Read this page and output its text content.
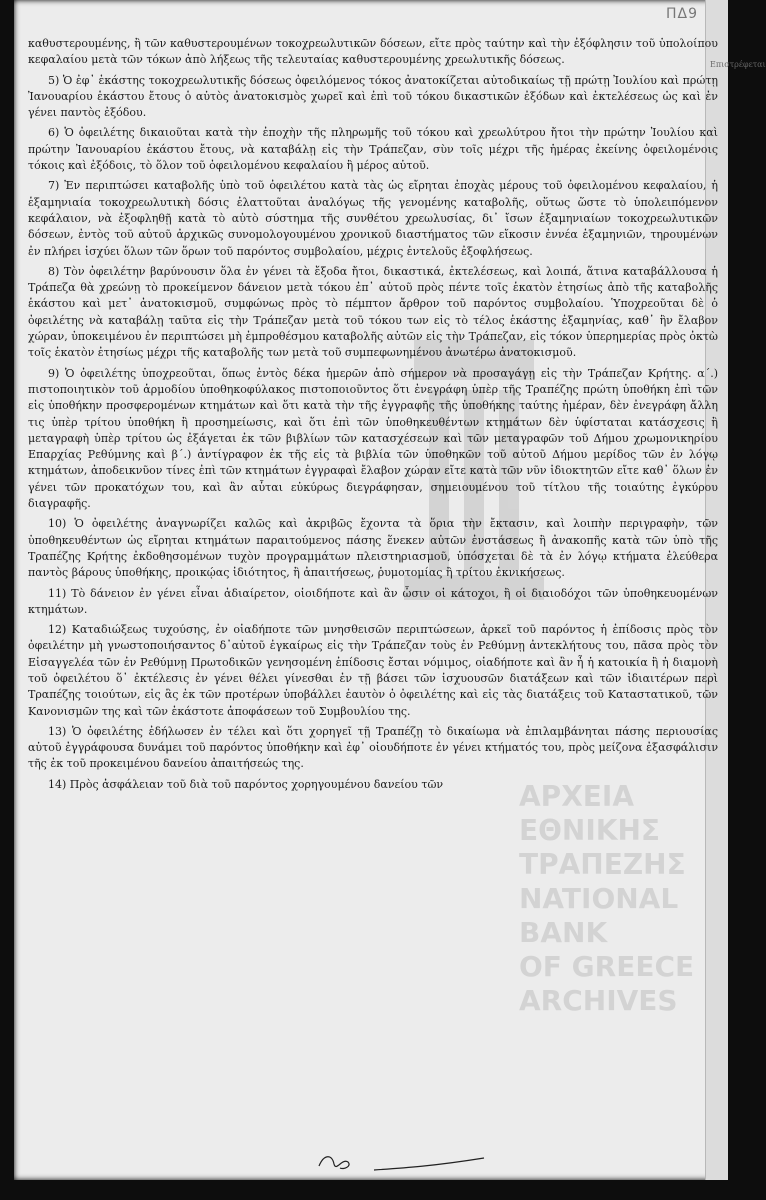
Επιστρέφεται
ΠΔ9
ΑΡΧΕΙΑ
ΕΘΝΙΚΗΣ ΤΡΑΠΕΖΗΣ
NATIONAL BANK
OF GREECE
ARCHIVES

καθυστερουμένης, ἢ τῶν καθυστερουμένων τοκοχρεωλυτικῶν δόσεων, εἴτε πρὸς ταύτην καὶ τὴν ἐξόφλησιν τοῦ ὑπολοίπου κεφαλαίου μετὰ τῶν τόκων ἀπὸ λήξεως τῆς τελευταίας καθυστερουμένης χρεωλυτικῆς δόσεως.

5) Ὁ ἐφ᾽ ἑκάστης τοκοχρεωλυτικῆς δόσεως ὀφειλόμενος τόκος ἀνατοκίζεται αὐτοδικαίως τῇ πρώτῃ Ἰουλίου καὶ πρώτῃ Ἰανουαρίου ἑκάστου ἔτους ὁ αὐτὸς ἀνατοκισμὸς χωρεῖ καὶ ἐπὶ τοῦ τόκου δικαστικῶν ἐξόδων καὶ ἐκτελέσεως ὡς καὶ ἐν γένει παντὸς ἐξόδου.

6) Ὁ ὀφειλέτης δικαιοῦται κατὰ τὴν ἐποχὴν τῆς πληρωμῆς τοῦ τόκου καὶ χρεωλύτρου ἤτοι τὴν πρώτην Ἰουλίου καὶ πρώτην Ἰανουαρίου ἑκάστου ἔτους, νὰ καταβάλῃ εἰς τὴν Τράπεζαν, σὺν τοῖς μέχρι τῆς ἡμέρας ἐκείνης ὀφειλομένοις τόκοις καὶ ἐξόδοις, τὸ ὅλον τοῦ ὀφειλομένου κεφαλαίου ἢ μέρος αὐτοῦ.

7) Ἐν περιπτώσει καταβολῆς ὑπὸ τοῦ ὀφειλέτου κατὰ τὰς ὡς εἴρηται ἐποχὰς μέρους τοῦ ὀφειλομένου κεφαλαίου, ἡ ἑξαμηνιαία τοκοχρεωλυτικὴ δόσις ἐλαττοῦται ἀναλόγως τῆς γενομένης καταβολῆς, οὕτως ὥστε τὸ ὑπολειπόμενον κεφάλαιον, νὰ ἐξοφληθῇ κατὰ τὸ αὐτὸ σύστημα τῆς συνθέτου χρεωλυσίας, δι᾽ ἴσων ἑξαμηνιαίων τοκοχρεωλυτικῶν δόσεων, ἐντὸς τοῦ αὐτοῦ ἀρχικῶς συνομολογουμένου χρονικοῦ διαστήματος τῶν εἴκοσιν ἐννέα ἑξαμηνιῶν, τηρουμένων ἐν πλήρει ἰσχύει ὅλων τῶν ὅρων τοῦ παρόντος συμβολαίου, μέχρις ἐντελοῦς ἐξοφλήσεως.

8) Τὸν ὀφειλέτην βαρύνουσιν ὅλα ἐν γένει τὰ ἔξοδα ἤτοι, δικαστικά, ἐκτελέσεως, καὶ λοιπά, ἅτινα καταβάλλουσα ἡ Τράπεζα θὰ χρεώνῃ τὸ προκείμενον δάνειον μετὰ τόκου ἐπ᾽ αὐτοῦ πρὸς πέντε τοῖς ἑκατὸν ἐτησίως ἀπὸ τῆς καταβολῆς ἑκάστου καὶ μετ᾽ ἀνατοκισμοῦ, συμφώνως πρὸς τὸ πέμπτον ἄρθρον τοῦ παρόντος συμβολαίου. Ὑποχρεοῦται δὲ ὁ ὀφειλέτης νὰ καταβάλῃ ταῦτα εἰς τὴν Τράπεζαν μετὰ τοῦ τόκου των εἰς τὸ τέλος ἑκάστης ἑξαμηνίας, καθ᾽ ἣν ἔλαβον χώραν, ὑποκειμένου ἐν περιπτώσει μὴ ἐμπροθέσμου καταβολῆς αὐτῶν εἰς τὴν Τράπεζαν, εἰς τόκον ὑπερημερίας πρὸς ὀκτὼ τοῖς ἑκατὸν ἐτησίως μέχρι τῆς καταβολῆς των μετὰ τοῦ συμπεφωνημένου ἀνωτέρω ἀνατοκισμοῦ.

9) Ὁ ὀφειλέτης ὑποχρεοῦται, ὅπως ἐντὸς δέκα ἡμερῶν ἀπὸ σήμερον νὰ προσαγάγῃ εἰς τὴν Τράπεζαν Κρήτης. α΄.) πιστοποιητικὸν τοῦ ἁρμοδίου ὑποθηκοφύλακος πιστοποιοῦντος ὅτι ἐνεγράφη ὑπὲρ τῆς Τραπέζης πρώτη ὑποθήκη ἐπὶ τῶν εἰς ὑποθήκην προσφερομένων κτημάτων καὶ ὅτι κατὰ τὴν τῆς ἐγγραφῆς τῆς ὑποθήκης ταύτης ἡμέραν, δὲν ἐνεγράφη ἄλλη τις ὑπὲρ τρίτου ὑποθήκη ἢ προσημείωσις, καὶ ὅτι ἐπὶ τῶν ὑποθηκευθέντων κτημάτων δὲν ὑφίσταται κατάσχεσις ἢ μεταγραφὴ ὑπὲρ τρίτου ὡς ἐξάγεται ἐκ τῶν βιβλίων τῶν κατασχέσεων καὶ τῶν μεταγραφῶν τοῦ Δήμου χρωμονικηρίου Επαρχίας Ρεθύμνης καὶ β΄.) ἀντίγραφον ἐκ τῆς εἰς τὰ βιβλία τῶν ὑποθηκῶν τοῦ αὐτοῦ Δήμου μερίδος τῶν ἐν λόγῳ κτημάτων, ἀποδεικνῦον τίνες ἐπὶ τῶν κτημάτων ἐγγραφαὶ ἔλαβον χώραν εἴτε κατὰ τῶν νῦν ἰδιοκτητῶν εἴτε καθ᾽ ὅλων ἐν γένει τῶν προκατόχων του, καὶ ἂν αὗται εὐκύρως διεγράφησαν, σημειουμένου τοῦ τίτλου τῆς τοιαύτης ἐγκύρου διαγραφῆς.

10) Ὁ ὀφειλέτης ἀναγνωρίζει καλῶς καὶ ἀκριβῶς ἔχοντα τὰ ὅρια τὴν ἔκτασιν, καὶ λοιπὴν περιγραφὴν, τῶν ὑποθηκευθέντων ὡς εἴρηται κτημάτων παραιτούμενος πάσης ἕνεκεν αὐτῶν ἐνστάσεως ἢ ἀνακοπῆς κατὰ τῶν ὑπὸ τῆς Τραπέζης Κρήτης ἐκδοθησομένων τυχὸν προγραμμάτων πλειστηριασμοῦ, ὑπόσχεται δὲ τὰ ἐν λόγῳ κτήματα ἐλεύθερα παντὸς βάρους ὑποθήκης, προικῴας ἰδιότητος, ἢ ἀπαιτήσεως, ῥυμοτομίας ἢ τρίτου ἐκνικήσεως.

11) Τὸ δάνειον ἐν γένει εἶναι ἀδιαίρετον, οἱοιδήποτε καὶ ἂν ὦσιν οἱ κάτοχοι, ἢ οἱ διαιοδόχοι τῶν ὑποθηκευομένων κτημάτων.

12) Καταδιώξεως τυχούσης, ἐν οἱαδήποτε τῶν μνησθεισῶν περιπτώσεων, ἀρκεῖ τοῦ παρόντος ἡ ἐπίδοσις πρὸς τὸν ὀφειλέτην μὴ γνωστοποιήσαντος δ᾽αὐτοῦ ἐγκαίρως εἰς τὴν Τράπεζαν τοὺς ἐν Ρεθύμνῃ ἀντεκλήτους του, πᾶσα πρὸς τὸν Εἰσαγγελέα τῶν ἐν Ρεθύμνῃ Πρωτοδικῶν γενησομένη ἐπίδοσις ἔσται νόμιμος, οἱαδήποτε καὶ ἂν ἦ ἡ κατοικία ἢ ἡ διαμονὴ τοῦ ὀφειλέτου ὅ᾽ ἐκτέλεσις ἐν γένει θέλει γίνεσθαι ἐν τῇ βάσει τῶν ἰσχυουσῶν διατάξεων καὶ τῶν ἰδιαιτέρων περὶ Τραπέζης τοιούτων, εἰς ἃς ἐκ τῶν προτέρων ὑποβάλλει ἑαυτὸν ὁ ὀφειλέτης καὶ εἰς τὰς διατάξεις τοῦ Καταστατικοῦ, τῶν Κανονισμῶν της καὶ τῶν ἑκάστοτε ἀποφάσεων τοῦ Συμβουλίου της.

13) Ὁ ὀφειλέτης ἐδήλωσεν ἐν τέλει καὶ ὅτι χορηγεῖ τῇ Τραπέζῃ τὸ δικαίωμα νὰ ἐπιλαμβάνηται πάσης περιουσίας αὐτοῦ ἐγγράφουσα δυνάμει τοῦ παρόντος ὑποθήκην καὶ ἐφ᾽ οἱουδήποτε ἐν γένει κτήματός του, πρὸς μείζονα ἐξασφάλισιν τῆς ἐκ τοῦ προκειμένου δανείου ἀπαιτήσεώς της.

14) Πρὸς ἀσφάλειαν τοῦ διὰ τοῦ παρόντος χορηγουμένου δανείου τῶν
